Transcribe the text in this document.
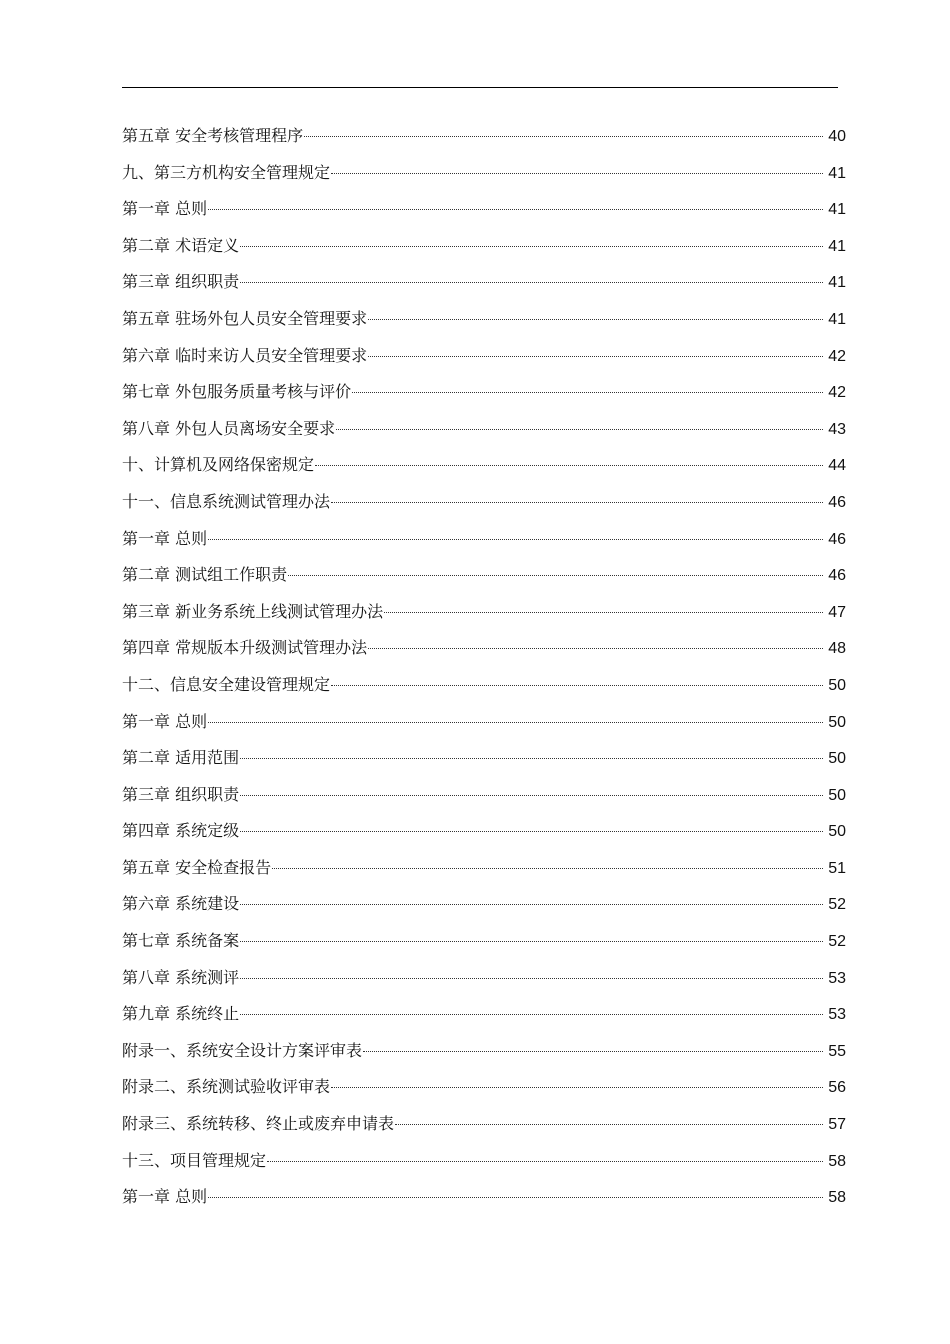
第五章 安全考核管理程序	40
九、第三方机构安全管理规定	41
第一章 总则	41
第二章 术语定义	41
第三章 组织职责	41
第五章 驻场外包人员安全管理要求	41
第六章 临时来访人员安全管理要求	42
第七章 外包服务质量考核与评价	42
第八章 外包人员离场安全要求	43
十、计算机及网络保密规定	44
十一、信息系统测试管理办法	46
第一章 总则	46
第二章 测试组工作职责	46
第三章 新业务系统上线测试管理办法	47
第四章 常规版本升级测试管理办法	48
十二、信息安全建设管理规定	50
第一章 总则	50
第二章 适用范围	50
第三章 组织职责	50
第四章 系统定级	50
第五章 安全检查报告	51
第六章 系统建设	52
第七章 系统备案	52
第八章 系统测评	53
第九章 系统终止	53
附录一、系统安全设计方案评审表	55
附录二、系统测试验收评审表	56
附录三、系统转移、终止或废弃申请表	57
十三、项目管理规定	58
第一章 总则	58
